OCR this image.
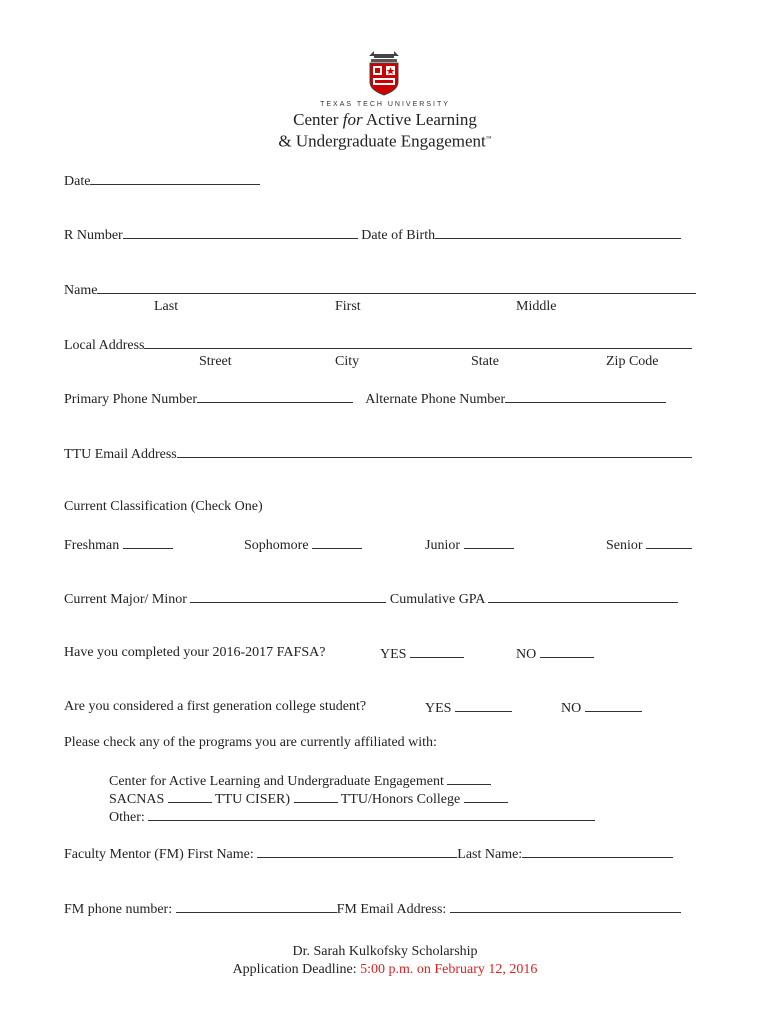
TEXAS TECH UNIVERSITY
Center for Active Learning
& Undergraduate Engagement™
Date
R Number	Date of Birth
Name
Last	First	Middle
Local Address
Street	City	State	Zip Code
Primary Phone Number	Alternate Phone Number
TTU Email Address
Current Classification (Check One)
Freshman	Sophomore	Junior	Senior
Current Major/ Minor	Cumulative GPA
Have you completed your 2016-2017 FAFSA?	YES	NO
Are you considered a first generation college student?	YES	NO
Please check any of the programs you are currently affiliated with:
Center for Active Learning and Undergraduate Engagement
SACNAS	TTU CISER)	TTU/Honors College
Other:
Faculty Mentor (FM) First Name:	Last Name:
FM phone number:	FM Email Address:
Dr. Sarah Kulkofsky Scholarship
Application Deadline: 5:00 p.m. on February 12, 2016
